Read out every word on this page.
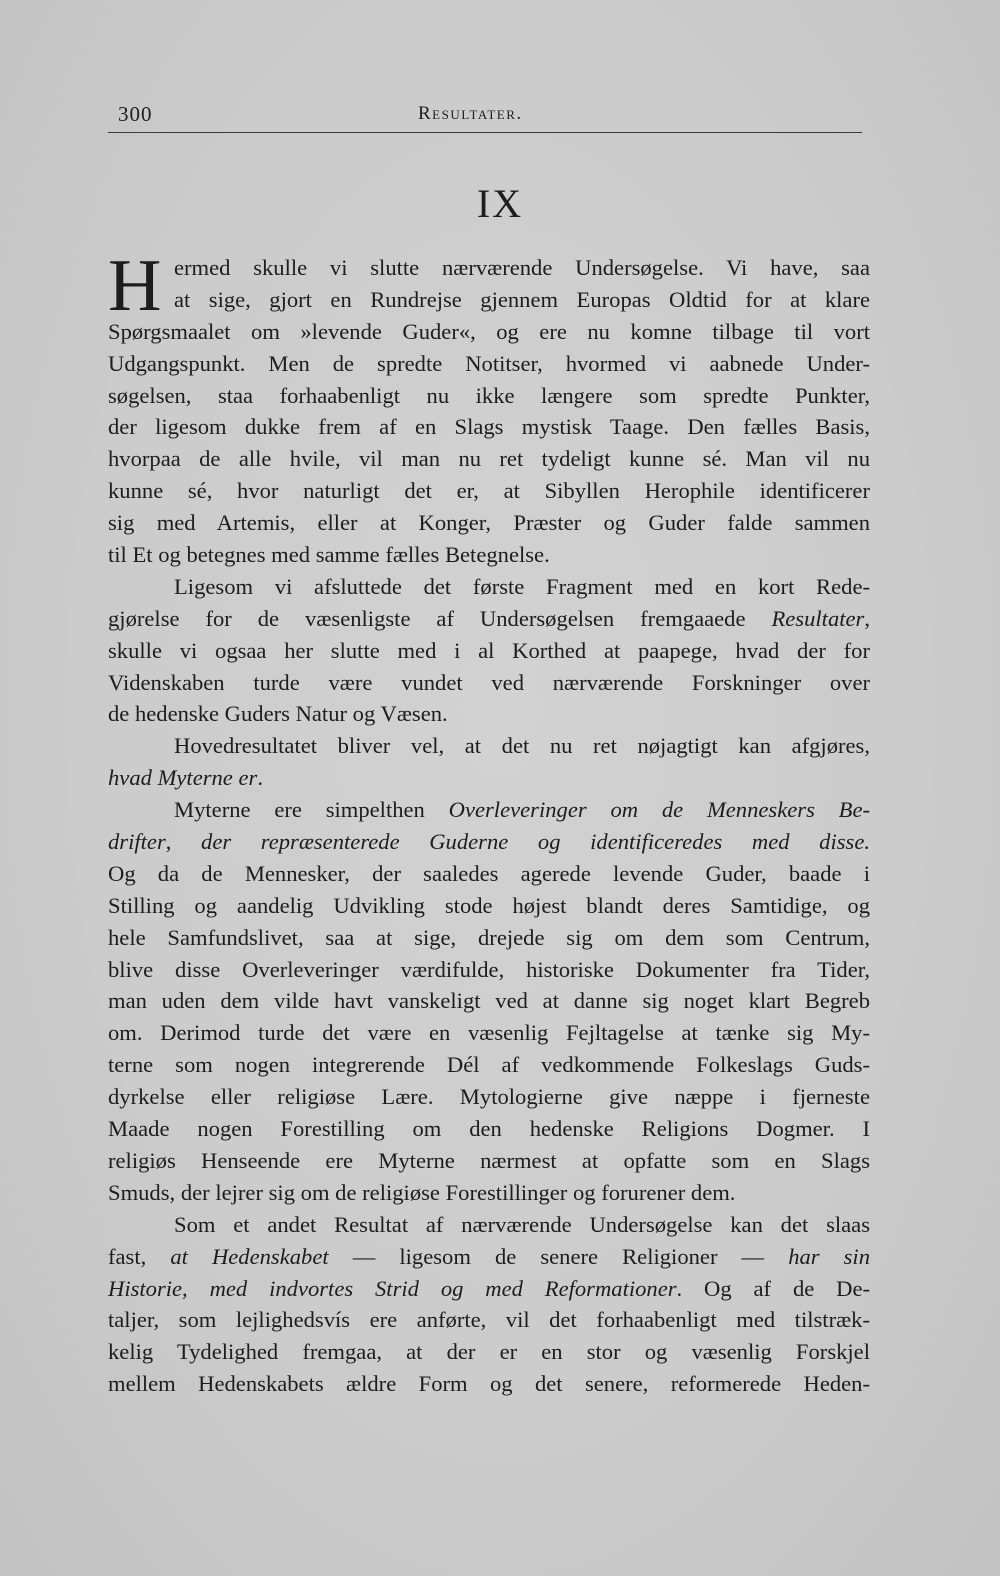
300	Resultater.
IX
H ermed skulle vi slutte nærværende Undersøgelse. Vi have, saa
at sige, gjort en Rundrejse gjennem Europas Oldtid for at klare
Spørgsmaalet om »levende Guder«, og ere nu komne tilbage til vort
Udgangspunkt. Men de spredte Notitser, hvormed vi aabnede Under-
søgelsen, staa forhaabenligt nu ikke længere som spredte Punkter,
der ligesom dukke frem af en Slags mystisk Taage. Den fælles Basis,
hvorpaa de alle hvile, vil man nu ret tydeligt kunne sé. Man vil nu
kunne sé, hvor naturligt det er, at Sibyllen Herophile identificerer
sig med Artemis, eller at Konger, Præster og Guder falde sammen
til Et og betegnes med samme fælles Betegnelse.
Ligesom vi afsluttede det første Fragment med en kort Rede-
gjørelse for de væsenligste af Undersøgelsen fremgaaede Resultater,
skulle vi ogsaa her slutte med i al Korthed at paapege, hvad der for
Videnskaben turde være vundet ved nærværende Forskninger over
de hedenske Guders Natur og Væsen.
Hovedresultatet bliver vel, at det nu ret nøjagtigt kan afgjøres,
hvad Myterne er.
Myterne ere simpelthen Overleveringer om de Menneskers Be-
drifter, der repræsenterede Guderne og identificeredes med disse.
Og da de Mennesker, der saaledes agerede levende Guder, baade i
Stilling og aandelig Udvikling stode højest blandt deres Samtidige, og
hele Samfundslivet, saa at sige, drejede sig om dem som Centrum,
blive disse Overleveringer værdifulde, historiske Dokumenter fra Tider,
man uden dem vilde havt vanskeligt ved at danne sig noget klart Begreb
om. Derimod turde det være en væsenlig Fejltagelse at tænke sig My-
terne som nogen integrerende Dél af vedkommende Folkeslags Guds-
dyrkelse eller religiøse Lære. Mytologierne give næppe i fjerneste
Maade nogen Forestilling om den hedenske Religions Dogmer. I
religiøs Henseende ere Myterne nærmest at opfatte som en Slags
Smuds, der lejrer sig om de religiøse Forestillinger og forurener dem.
Som et andet Resultat af nærværende Undersøgelse kan det slaas
fast, at Hedenskabet — ligesom de senere Religioner — har sin
Historie, med indvortes Strid og med Reformationer. Og af de De-
taljer, som lejlighedsvís ere anførte, vil det forhaabenligt med tilstræk-
kelig Tydelighed fremgaa, at der er en stor og væsenlig Forskjel
mellem Hedenskabets ældre Form og det senere, reformerede Heden-
